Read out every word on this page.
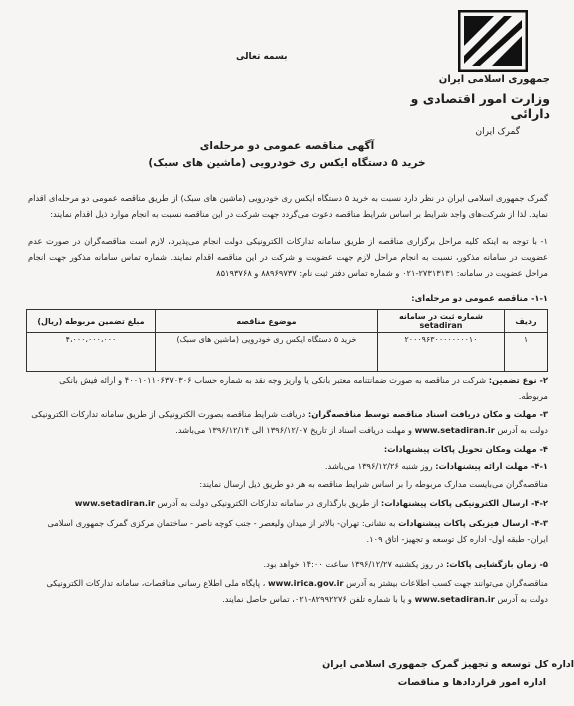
بسمه تعالی
جمهوری اسلامی ایران
وزارت امور اقتصادی و دارائی
گمرک ایران
آگهی مناقصه عمومی دو مرحله‌ای
خرید ۵ دستگاه ایکس ری خودرویی (ماشین های سبک)
گمرک جمهوری اسلامی ایران در نظر دارد نسبت به خرید ۵ دستگاه ایکس ری خودرویی (ماشین های سبک) از طریق مناقصه عمومی دو مرحله‌ای اقدام نماید. لذا از شرکت‌های واجد شرایط بر اساس شرایط مناقصه دعوت می‌گردد جهت شرکت در این مناقصه نسبت به انجام موارد ذیل اقدام نمایند:
۱- با توجه به اینکه کلیه مراحل برگزاری مناقصه از طریق سامانه تدارکات الکترونیکی دولت انجام می‌پذیرد، لازم است مناقصه‌گران در صورت عدم عضویت در سامانه مذکور، نسبت به انجام مراحل لازم جهت عضویت و شرکت در این مناقصه اقدام نمایند. شماره تماس سامانه مذکور جهت انجام مراحل عضویت در سامانه: ۲۷۳۱۳۱۳۱-۰۲۱ و شماره تماس دفتر ثبت نام: ۸۸۹۶۹۷۳۷ و ۸۵۱۹۳۷۶۸
۱-۱- مناقصه عمومی دو مرحله‌ای:
ردیف	شماره ثبت در سامانه setadiran	موضوع مناقصه	مبلغ تضمین مربوطه (ریال)
۱	۲۰۰۰۹۶۳۰۰۰۰۰۰۰۰۱۰	خرید ۵ دستگاه ایکس ری خودرویی (ماشین های سبک)	۴،۰۰۰،۰۰۰،۰۰۰
۲- نوع تضمین: شرکت در مناقصه به صورت ضمانتنامه معتبر بانکی یا واریز وجه نقد به شماره حساب ۴۰۰۱۰۱۱۰۶۳۷۰۳۰۶ و ارائه فیش بانکی مربوطه.
۳- مهلت و مکان دریافت اسناد مناقصه توسط مناقصه‌گران: دریافت شرایط مناقصه بصورت الکترونیکی از طریق سامانه تدارکات الکترونیکی دولت به آدرس www.setadiran.ir و مهلت دریافت اسناد از تاریخ ۱۳۹۶/۱۲/۰۷ الی ۱۳۹۶/۱۲/۱۴ می‌باشد.
۴- مهلت ومکان تحویل پاکات پیشنهادات:
۴-۱- مهلت ارائه پیشنهادات: روز شنبه ۱۳۹۶/۱۲/۲۶ می‌باشد.
مناقصه‌گران می‌بایست مدارک مربوطه را بر اساس شرایط مناقصه به هر دو طریق ذیل ارسال نمایند:
۴-۲- ارسال الکترونیکی پاکات پیشنهادات: از طریق بارگذاری در سامانه تدارکات الکترونیکی دولت به آدرس www.setadiran.ir
۴-۳- ارسال فیزیکی پاکات پیشنهادات به نشانی: تهران- بالاتر از میدان ولیعصر - جنب کوچه ناصر - ساختمان مرکزی گمرک جمهوری اسلامی ایران- طبقه اول- اداره کل توسعه و تجهیز- اتاق ۱۰۹.
۵- زمان بازگشایی پاکات: در روز یکشنبه ۱۳۹۶/۱۲/۲۷ ساعت ۱۴:۰۰ خواهد بود.
مناقصه‌گران می‌توانند جهت کسب اطلاعات بیشتر به آدرس www.irica.gov.ir ، پایگاه ملی اطلاع رسانی مناقصات، سامانه تدارکات الکترونیکی دولت به آدرس www.setadiran.ir و یا با شماره تلفن ۸۲۹۹۲۲۷۶-۰۲۱، تماس حاصل نمایند.
اداره کل توسعه و تجهیز گمرک جمهوری اسلامی ایران
اداره امور قراردادها و مناقصات
